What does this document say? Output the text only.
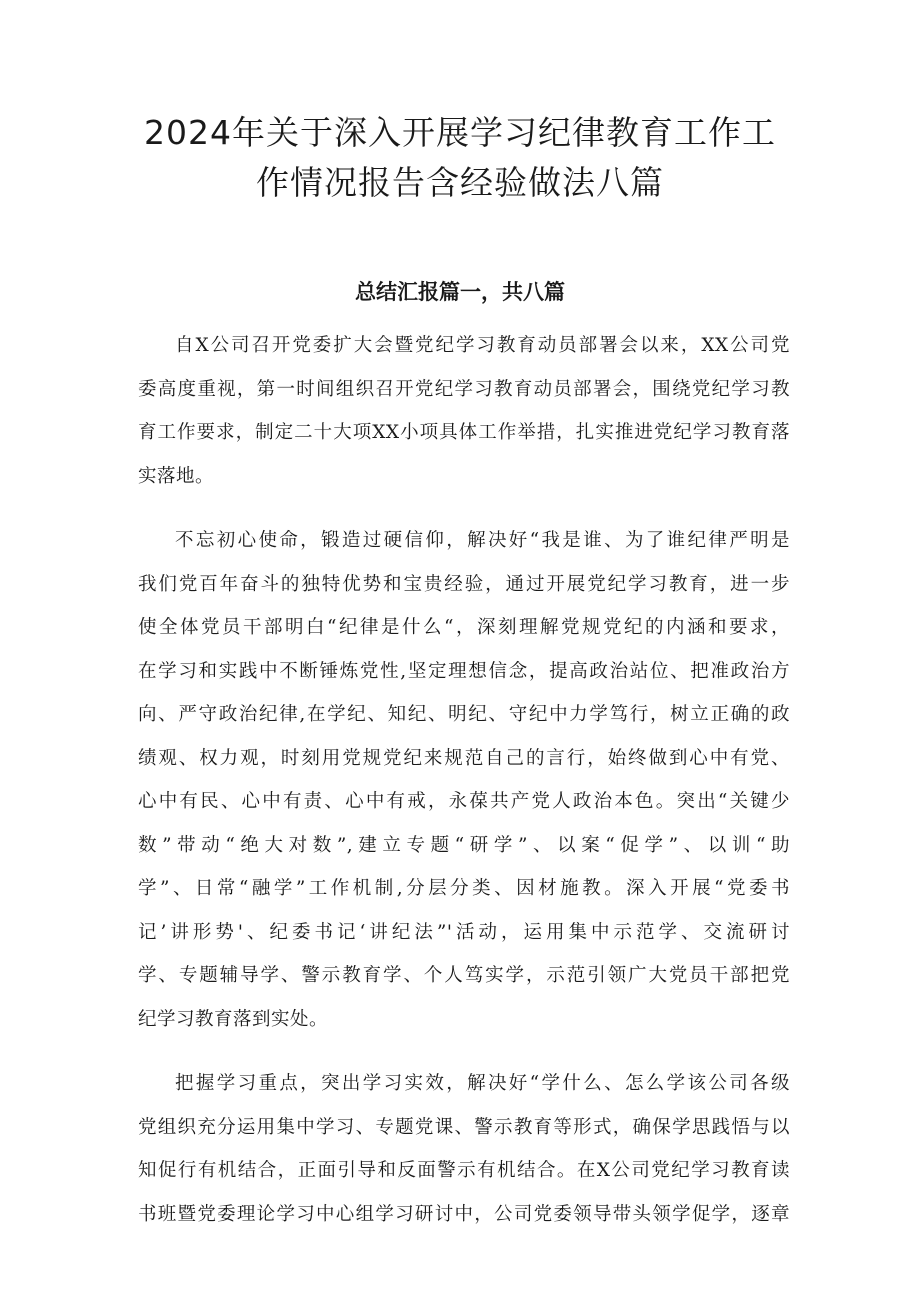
2024年关于深入开展学习纪律教育工作工
作情况报告含经验做法八篇
总结汇报篇一，共八篇

自X公司召开党委扩大会暨党纪学习教育动员部署会以来，XX公司党
委高度重视，第一时间组织召开党纪学习教育动员部署会，围绕党纪学习教
育工作要求，制定二十大项XX小项具体工作举措，扎实推进党纪学习教育落
实落地。

不忘初心使命，锻造过硬信仰，解决好“我是谁、为了谁纪律严明是
我们党百年奋斗的独特优势和宝贵经验，通过开展党纪学习教育，进一步
使全体党员干部明白“纪律是什么“，深刻理解党规党纪的内涵和要求，
在学习和实践中不断锤炼党性,坚定理想信念，提高政治站位、把准政治方
向、严守政治纪律,在学纪、知纪、明纪、守纪中力学笃行，树立正确的政
绩观、权力观，时刻用党规党纪来规范自己的言行，始终做到心中有党、
心中有民、心中有责、心中有戒，永葆共产党人政治本色。突出“关键少
数”带动“绝大对数”,建立专题“研学”、以案“促学”、以训“助
学”、日常“融学”工作机制,分层分类、因材施教。深入开展“党委书
记’讲形势'、纪委书记‘讲纪法”'活动，运用集中示范学、交流研讨
学、专题辅导学、警示教育学、个人笃实学，示范引领广大党员干部把党
纪学习教育落到实处。

把握学习重点，突出学习实效，解决好“学什么、怎么学该公司各级
党组织充分运用集中学习、专题党课、警示教育等形式，确保学思践悟与以
知促行有机结合，正面引导和反面警示有机结合。在X公司党纪学习教育读
书班暨党委理论学习中心组学习研讨中，公司党委领导带头领学促学，逐章
